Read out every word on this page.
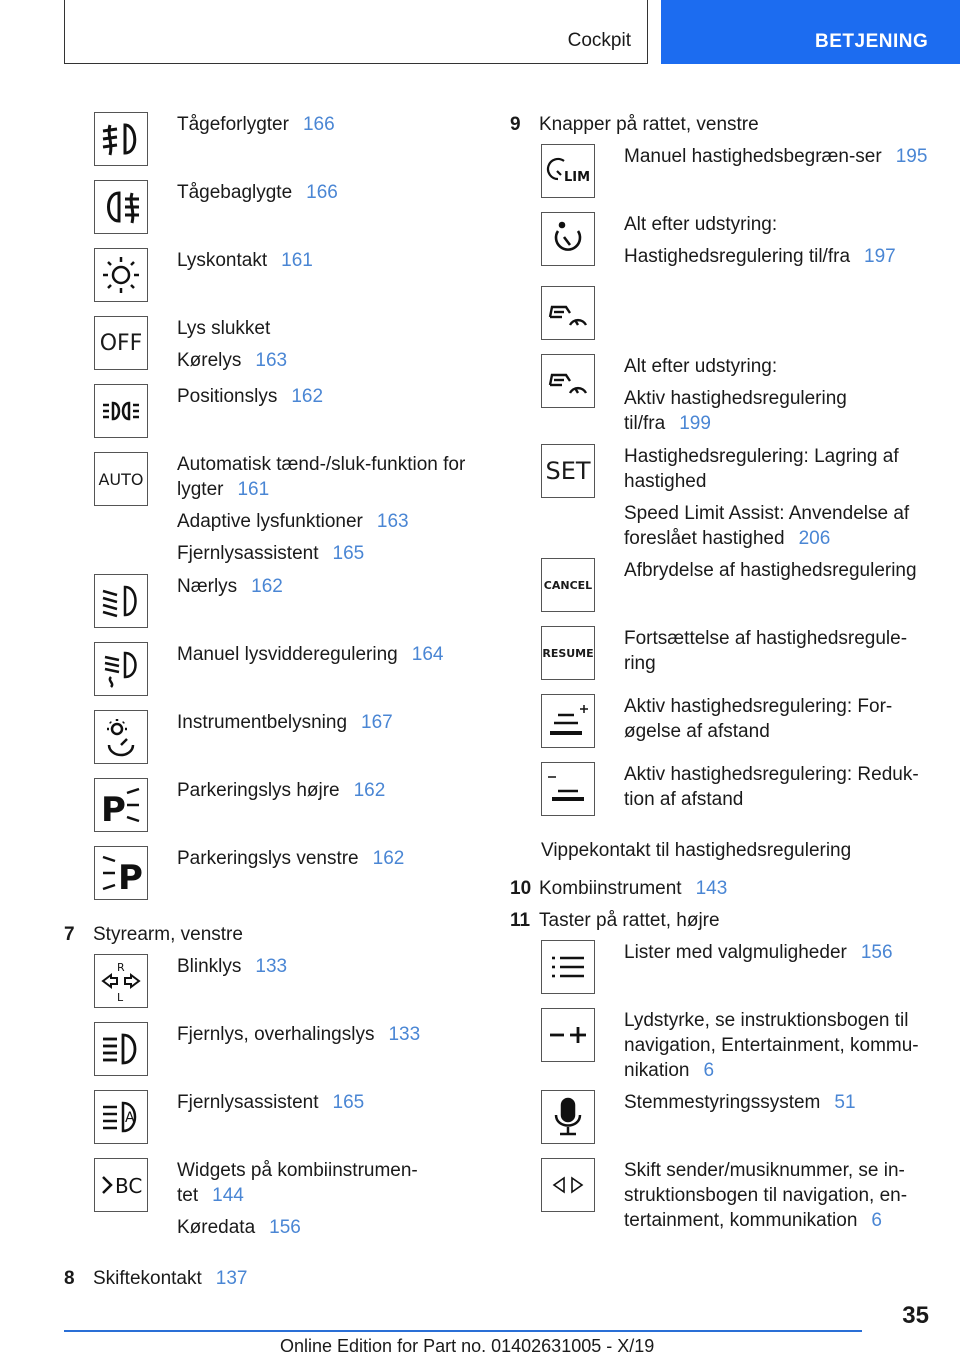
Cockpit	BETJENING
Tågeforlygter 166
Tågebaglygte 166
Lyskontakt 161
OFF
Lys slukket
Kørelys 163
Positionslys 162
AUTO
Automatisk tænd-/sluk-funktion for lygter 161
Adaptive lysfunktioner 163
Fjernlysassistent 165
Nærlys 162
Manuel lysvidderegulering 164
Instrumentbelysning 167
P	Parkeringslys højre 162
P Parkeringslys venstre 162
7 Styrearm, venstre
R
L
Blinklys 133
Fjernlys, overhalingslys 133
A
Fjernlysassistent 165
BC
Widgets på kombiinstrumen-tet 144
Køredata 156
8 Skiftekontakt 137
9 Knapper på rattet, venstre
LIM
Manuel hastighedsbegræn-ser 195
Alt efter udstyring:
Hastighedsregulering til/fra 197
Alt efter udstyring:
Aktiv hastighedsregulering til/fra 199
SET
Hastighedsregulering: Lagring af hastighed
Speed Limit Assist: Anvendelse af foreslået hastighed 206
CANCEL
Afbrydelse af hastighedsregulering
RESUME
Fortsættelse af hastighedsregule-ring
Aktiv hastighedsregulering: For-øgelse af afstand
Aktiv hastighedsregulering: Reduk-tion af afstand
Vippekontakt til hastighedsregulering
10 Kombiinstrument 143
11 Taster på rattet, højre
Lister med valgmuligheder 156
Lydstyrke, se instruktionsbogen til navigation, Entertainment, kommu-nikation 6
Stemmestyringssystem 51
Skift sender/musiknummer, se in-struktionsbogen til navigation, en-tertainment, kommunikation 6
35
Online Edition for Part no. 01402631005 - X/19
